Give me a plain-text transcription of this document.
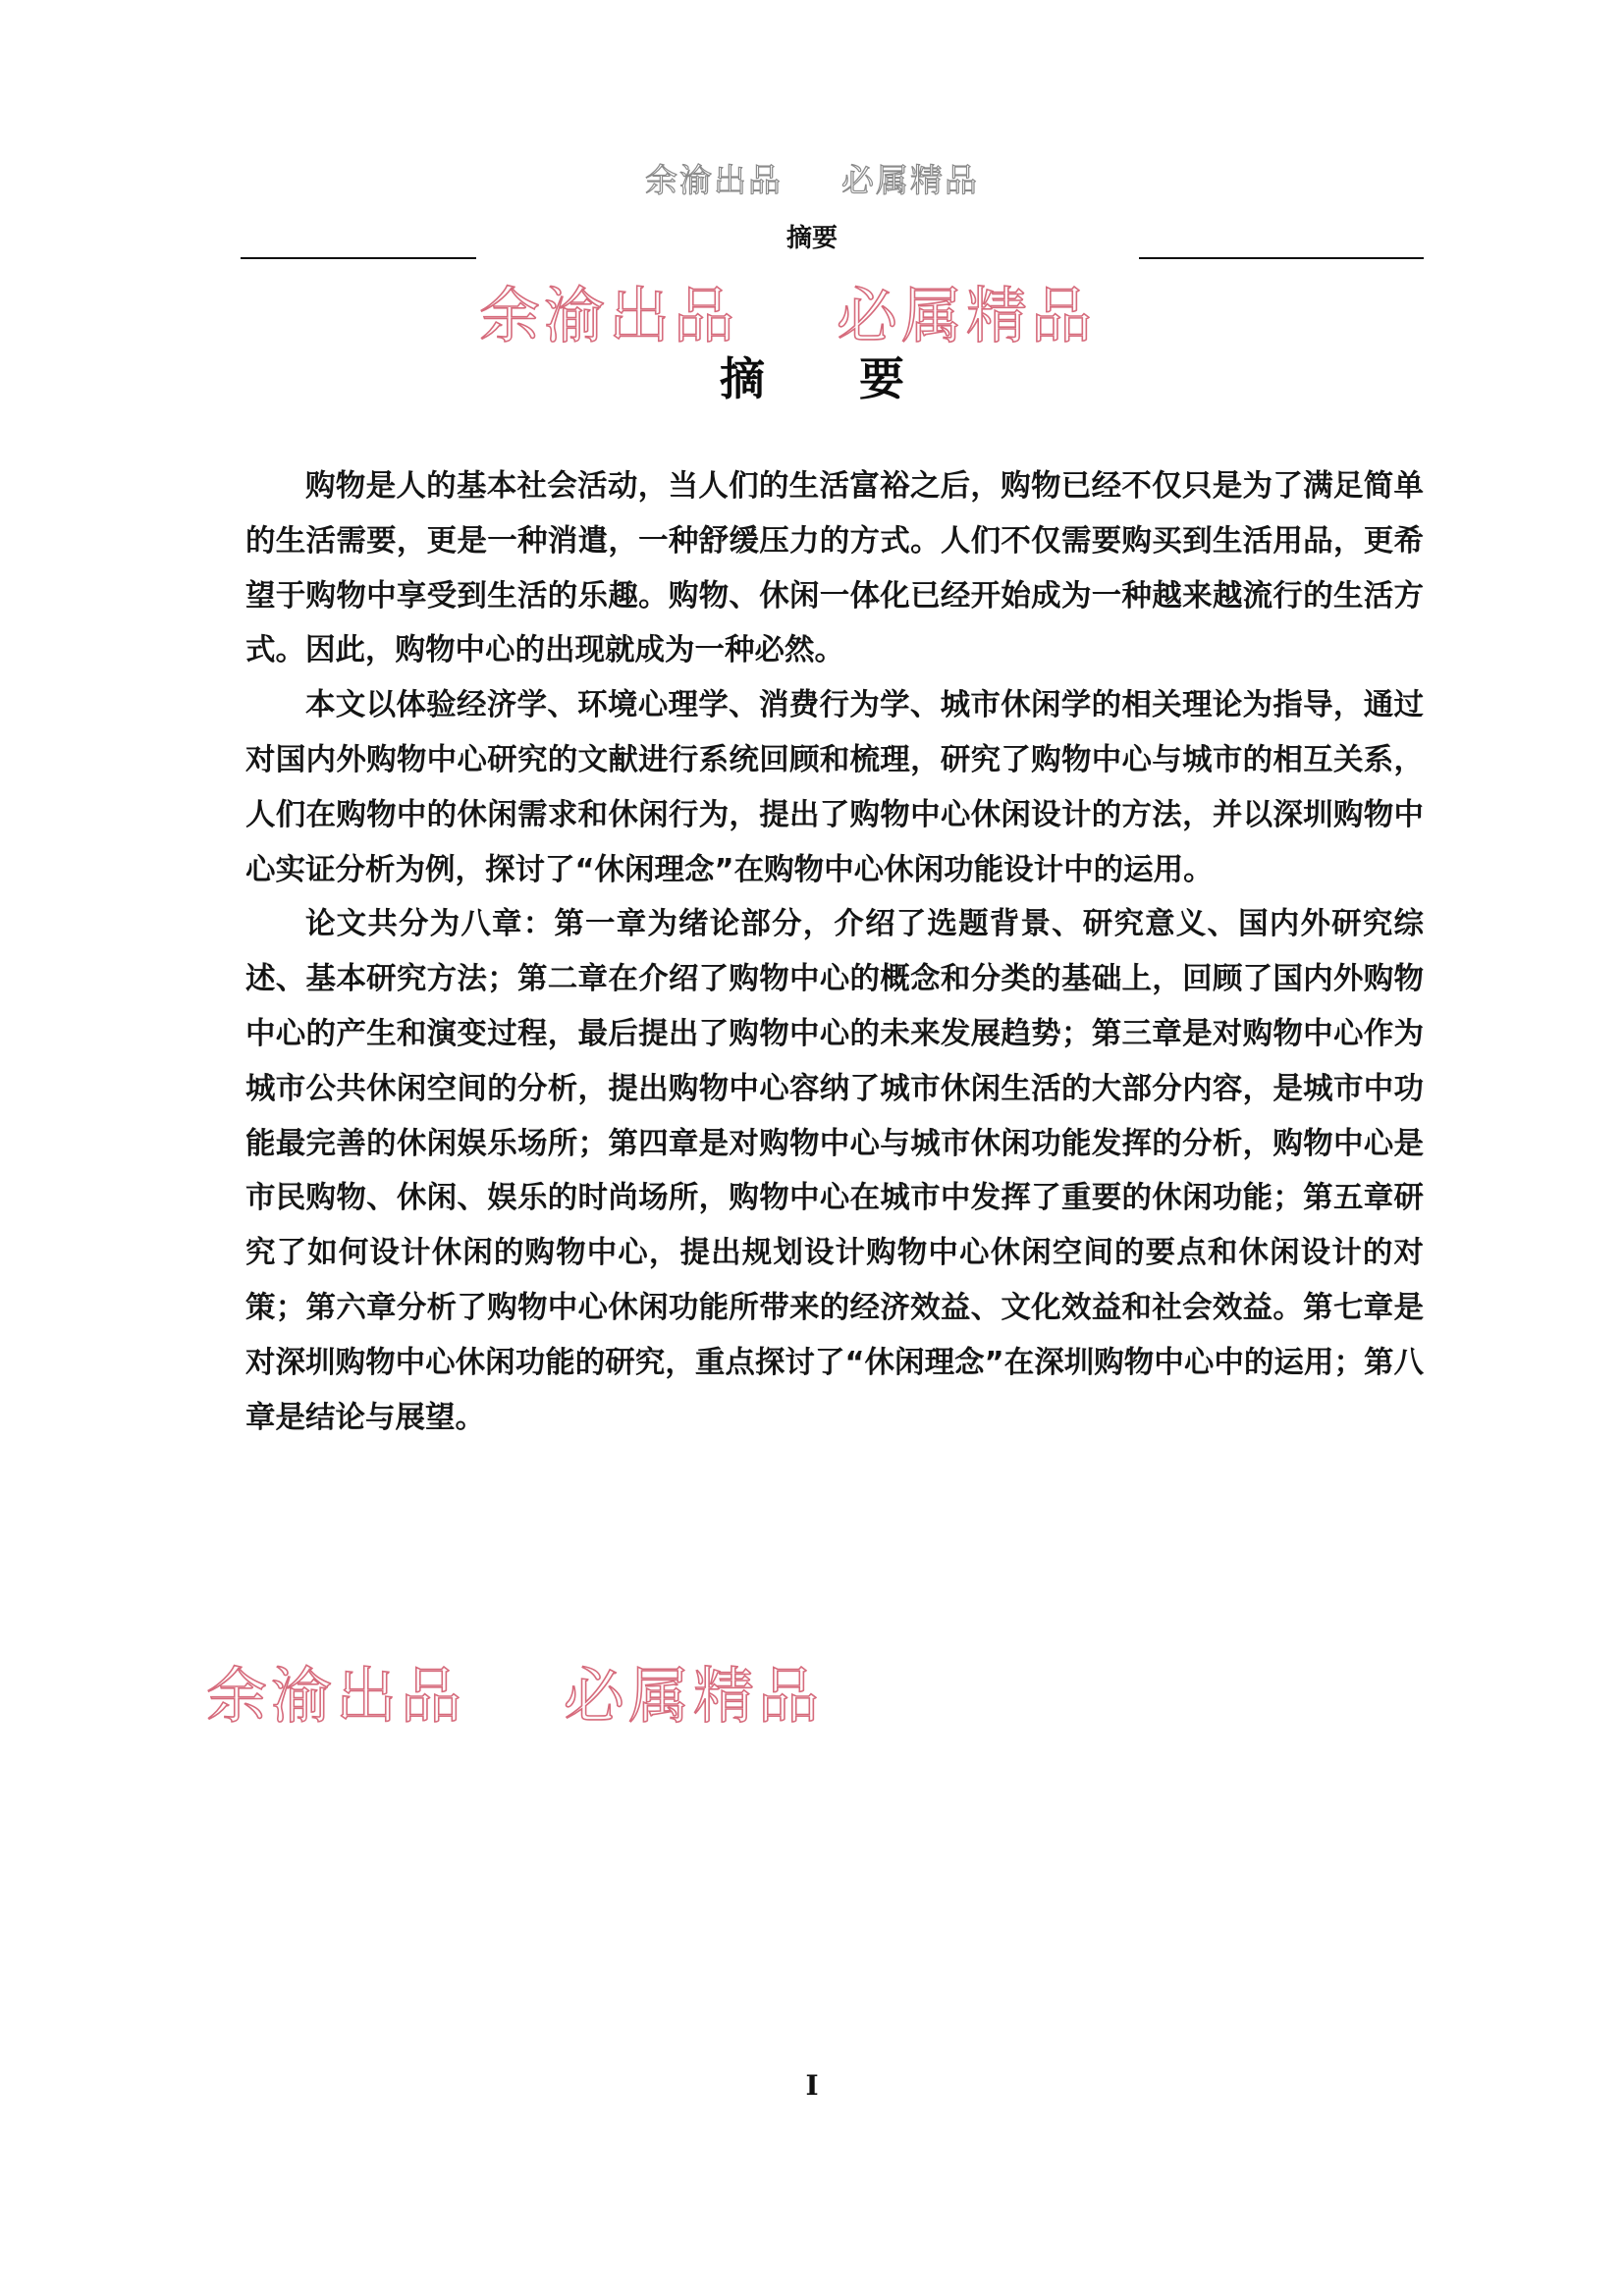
余渝出品 必属精品
摘要
余渝出品 必属精品
摘 要

购物是人的基本社会活动，当人们的生活富裕之后，购物已经不仅只是为了满足简单的生活需要，更是一种消遣，一种舒缓压力的方式。人们不仅需要购买到生活用品，更希望于购物中享受到生活的乐趣。购物、休闲一体化已经开始成为一种越来越流行的生活方式。因此，购物中心的出现就成为一种必然。

本文以体验经济学、环境心理学、消费行为学、城市休闲学的相关理论为指导，通过对国内外购物中心研究的文献进行系统回顾和梳理，研究了购物中心与城市的相互关系，人们在购物中的休闲需求和休闲行为，提出了购物中心休闲设计的方法，并以深圳购物中心实证分析为例，探讨了“休闲理念”在购物中心休闲功能设计中的运用。

论文共分为八章：第一章为绪论部分，介绍了选题背景、研究意义、国内外研究综述、基本研究方法；第二章在介绍了购物中心的概念和分类的基础上，回顾了国内外购物中心的产生和演变过程，最后提出了购物中心的未来发展趋势；第三章是对购物中心作为城市公共休闲空间的分析，提出购物中心容纳了城市休闲生活的大部分内容，是城市中功能最完善的休闲娱乐场所；第四章是对购物中心与城市休闲功能发挥的分析，购物中心是市民购物、休闲、娱乐的时尚场所，购物中心在城市中发挥了重要的休闲功能；第五章研究了如何设计休闲的购物中心，提出规划设计购物中心休闲空间的要点和休闲设计的对策；第六章分析了购物中心休闲功能所带来的经济效益、文化效益和社会效益。第七章是对深圳购物中心休闲功能的研究，重点探讨了“休闲理念”在深圳购物中心中的运用；第八章是结论与展望。

余渝出品 必属精品
I
